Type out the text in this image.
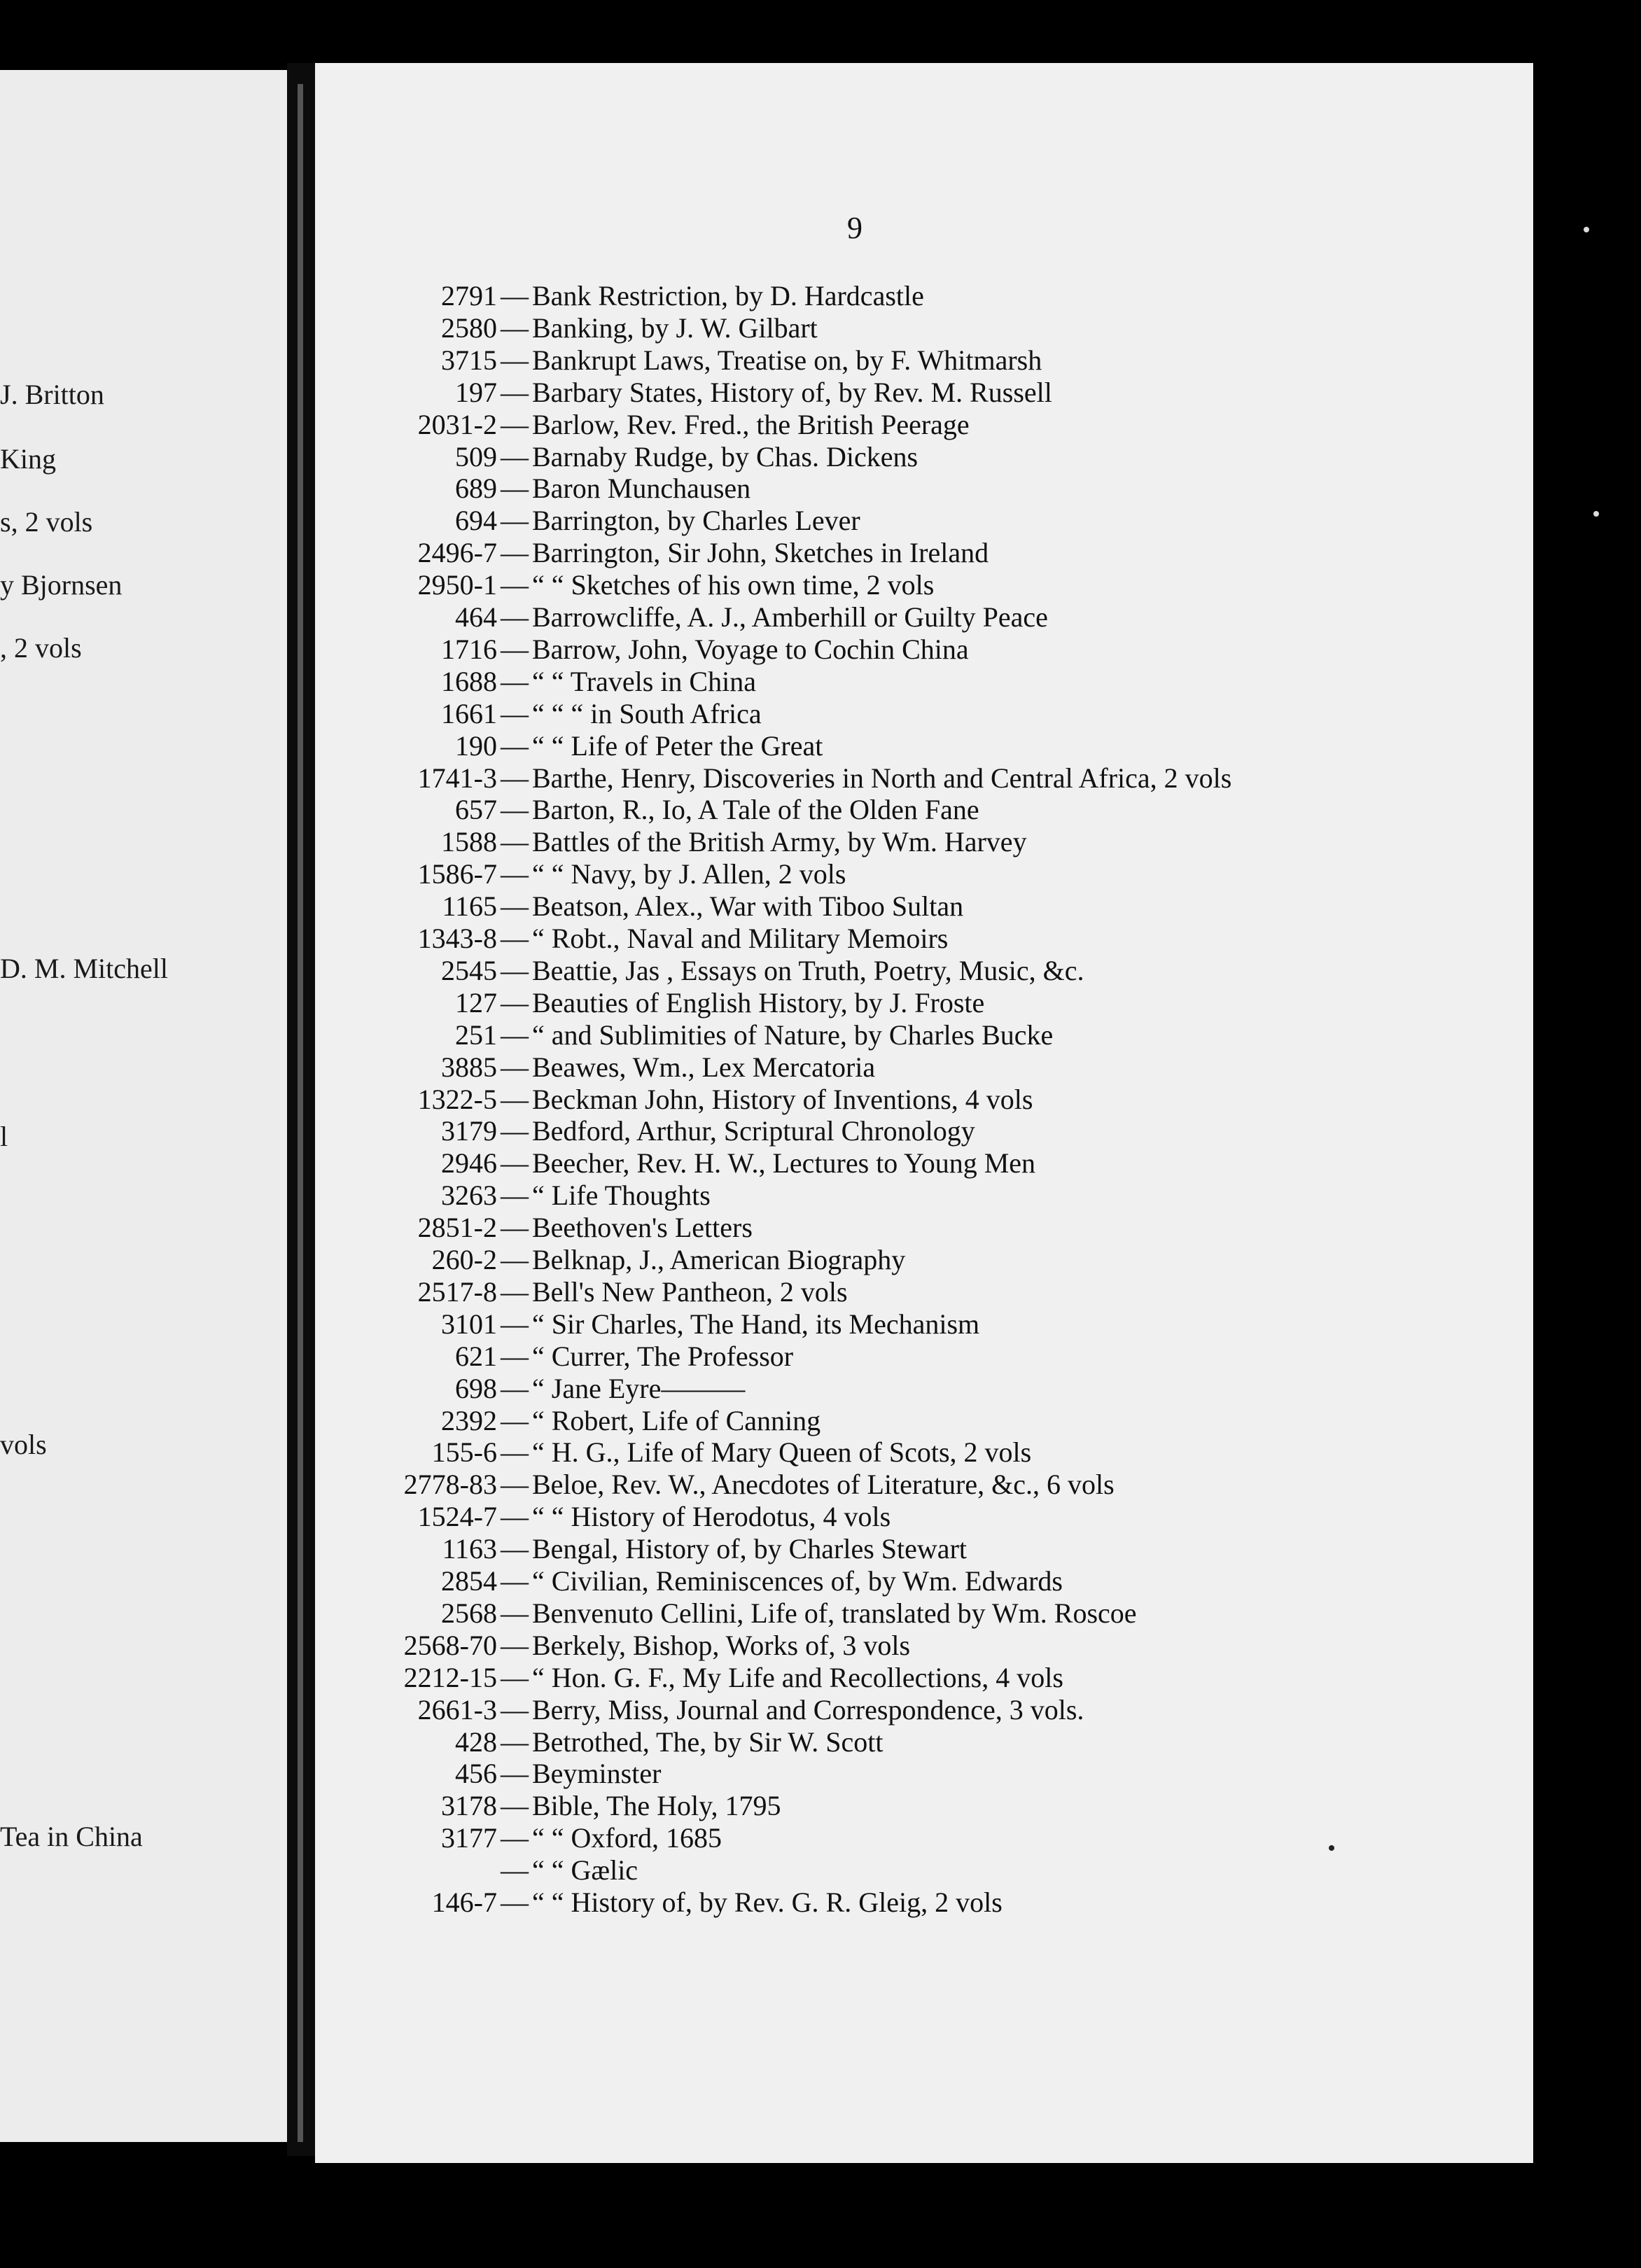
J. Britton
King
s, 2 vols
y Bjornsen
, 2 vols
D. M. Mitchell
l
vols
Tea in China
9
2791 — Bank Restriction, by D. Hardcastle
2580 — Banking, by J. W. Gilbart
3715 — Bankrupt Laws, Treatise on, by F. Whitmarsh
197 — Barbary States, History of, by Rev. M. Russell
2031-2 — Barlow, Rev. Fred., the British Peerage
509 — Barnaby Rudge, by Chas. Dickens
689 — Baron Munchausen
694 — Barrington, by Charles Lever
2496-7 — Barrington, Sir John, Sketches in Ireland
2950-1 — “ “ Sketches of his own time, 2 vols
464 — Barrowcliffe, A. J., Amberhill or Guilty Peace
1716 — Barrow, John, Voyage to Cochin China
1688 — “ “ Travels in China
1661 — “ “ “ in South Africa
190 — “ “ Life of Peter the Great
1741-3 — Barthe, Henry, Discoveries in North and Central Africa, 2 vols
657 — Barton, R., Io, A Tale of the Olden Fane
1588 — Battles of the British Army, by Wm. Harvey
1586-7 — “ “ Navy, by J. Allen, 2 vols
1165 — Beatson, Alex., War with Tiboo Sultan
1343-8 — “ Robt., Naval and Military Memoirs
2545 — Beattie, Jas , Essays on Truth, Poetry, Music, &c.
127 — Beauties of English History, by J. Froste
251 — “ and Sublimities of Nature, by Charles Bucke
3885 — Beawes, Wm., Lex Mercatoria
1322-5 — Beckman John, History of Inventions, 4 vols
3179 — Bedford, Arthur, Scriptural Chronology
2946 — Beecher, Rev. H. W., Lectures to Young Men
3263 — “ Life Thoughts
2851-2 — Beethoven's Letters
260-2 — Belknap, J., American Biography
2517-8 — Bell's New Pantheon, 2 vols
3101 — “ Sir Charles, The Hand, its Mechanism
621 — “ Currer, The Professor
698 — “ Jane Eyre———
2392 — “ Robert, Life of Canning
155-6 — “ H. G., Life of Mary Queen of Scots, 2 vols
2778-83 — Beloe, Rev. W., Anecdotes of Literature, &c., 6 vols
1524-7 — “ “ History of Herodotus, 4 vols
1163 — Bengal, History of, by Charles Stewart
2854 — “ Civilian, Reminiscences of, by Wm. Edwards
2568 — Benvenuto Cellini, Life of, translated by Wm. Roscoe
2568-70 — Berkely, Bishop, Works of, 3 vols
2212-15 — “ Hon. G. F., My Life and Recollections, 4 vols
2661-3 — Berry, Miss, Journal and Correspondence, 3 vols.
428 — Betrothed, The, by Sir W. Scott
456 — Beyminster
3178 — Bible, The Holy, 1795
3177 — “ “ Oxford, 1685
— “ “ Gælic
146-7 — “ “ History of, by Rev. G. R. Gleig, 2 vols
